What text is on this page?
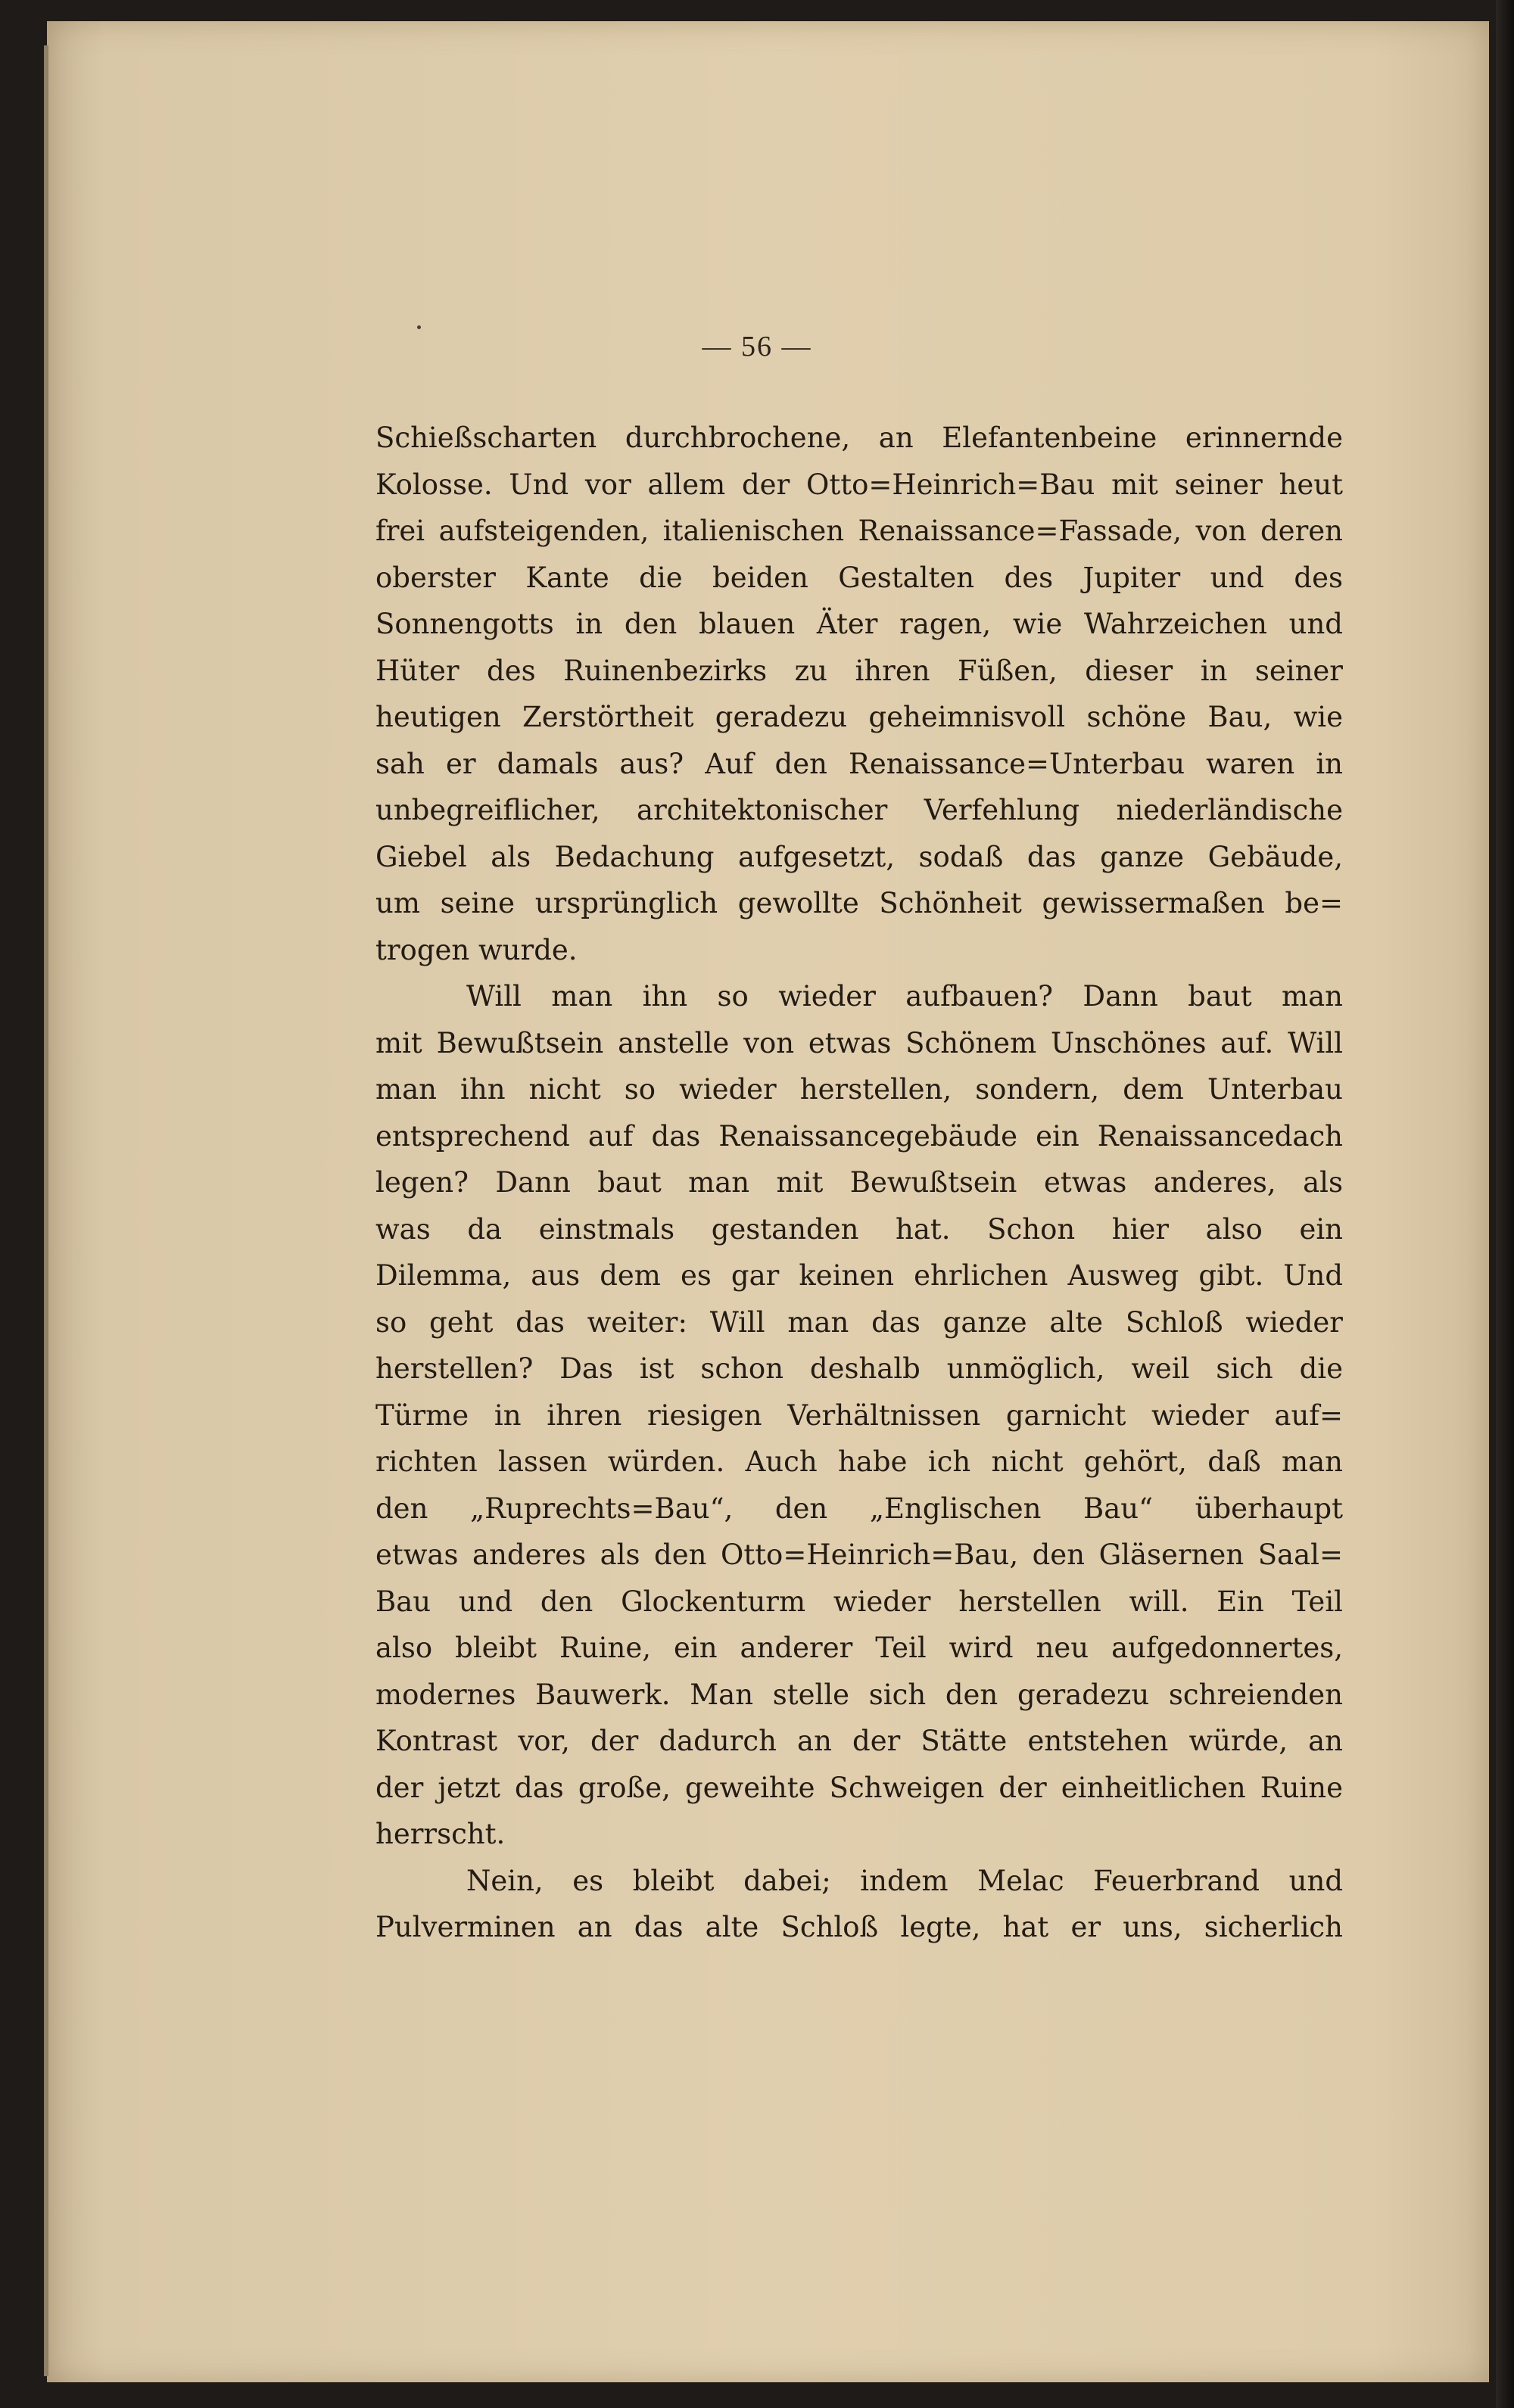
— 56 —
Schießscharten durchbrochene, an Elefantenbeine erinnernde
Kolosse. Und vor allem der Otto=Heinrich=Bau mit seiner heut
frei aufsteigenden, italienischen Renaissance=Fassade, von deren
oberster Kante die beiden Gestalten des Jupiter und des
Sonnengotts in den blauen Äter ragen, wie Wahrzeichen und
Hüter des Ruinenbezirks zu ihren Füßen, dieser in seiner
heutigen Zerstörtheit geradezu geheimnisvoll schöne Bau, wie
sah er damals aus? Auf den Renaissance=Unterbau waren in
unbegreiflicher, architektonischer Verfehlung niederländische
Giebel als Bedachung aufgesetzt, sodaß das ganze Gebäude,
um seine ursprünglich gewollte Schönheit gewissermaßen be=
trogen wurde.
Will man ihn so wieder aufbauen? Dann baut man
mit Bewußtsein anstelle von etwas Schönem Unschönes auf. Will
man ihn nicht so wieder herstellen, sondern, dem Unterbau
entsprechend auf das Renaissancegebäude ein Renaissancedach
legen? Dann baut man mit Bewußtsein etwas anderes, als
was da einstmals gestanden hat. Schon hier also ein
Dilemma, aus dem es gar keinen ehrlichen Ausweg gibt. Und
so geht das weiter: Will man das ganze alte Schloß wieder
herstellen? Das ist schon deshalb unmöglich, weil sich die
Türme in ihren riesigen Verhältnissen garnicht wieder auf=
richten lassen würden. Auch habe ich nicht gehört, daß man
den „Ruprechts=Bau“, den „Englischen Bau“ überhaupt
etwas anderes als den Otto=Heinrich=Bau, den Gläsernen Saal=
Bau und den Glockenturm wieder herstellen will. Ein Teil
also bleibt Ruine, ein anderer Teil wird neu aufgedonnertes,
modernes Bauwerk. Man stelle sich den geradezu schreienden
Kontrast vor, der dadurch an der Stätte entstehen würde, an
der jetzt das große, geweihte Schweigen der einheitlichen Ruine
herrscht.
Nein, es bleibt dabei; indem Melac Feuerbrand und
Pulverminen an das alte Schloß legte, hat er uns, sicherlich
